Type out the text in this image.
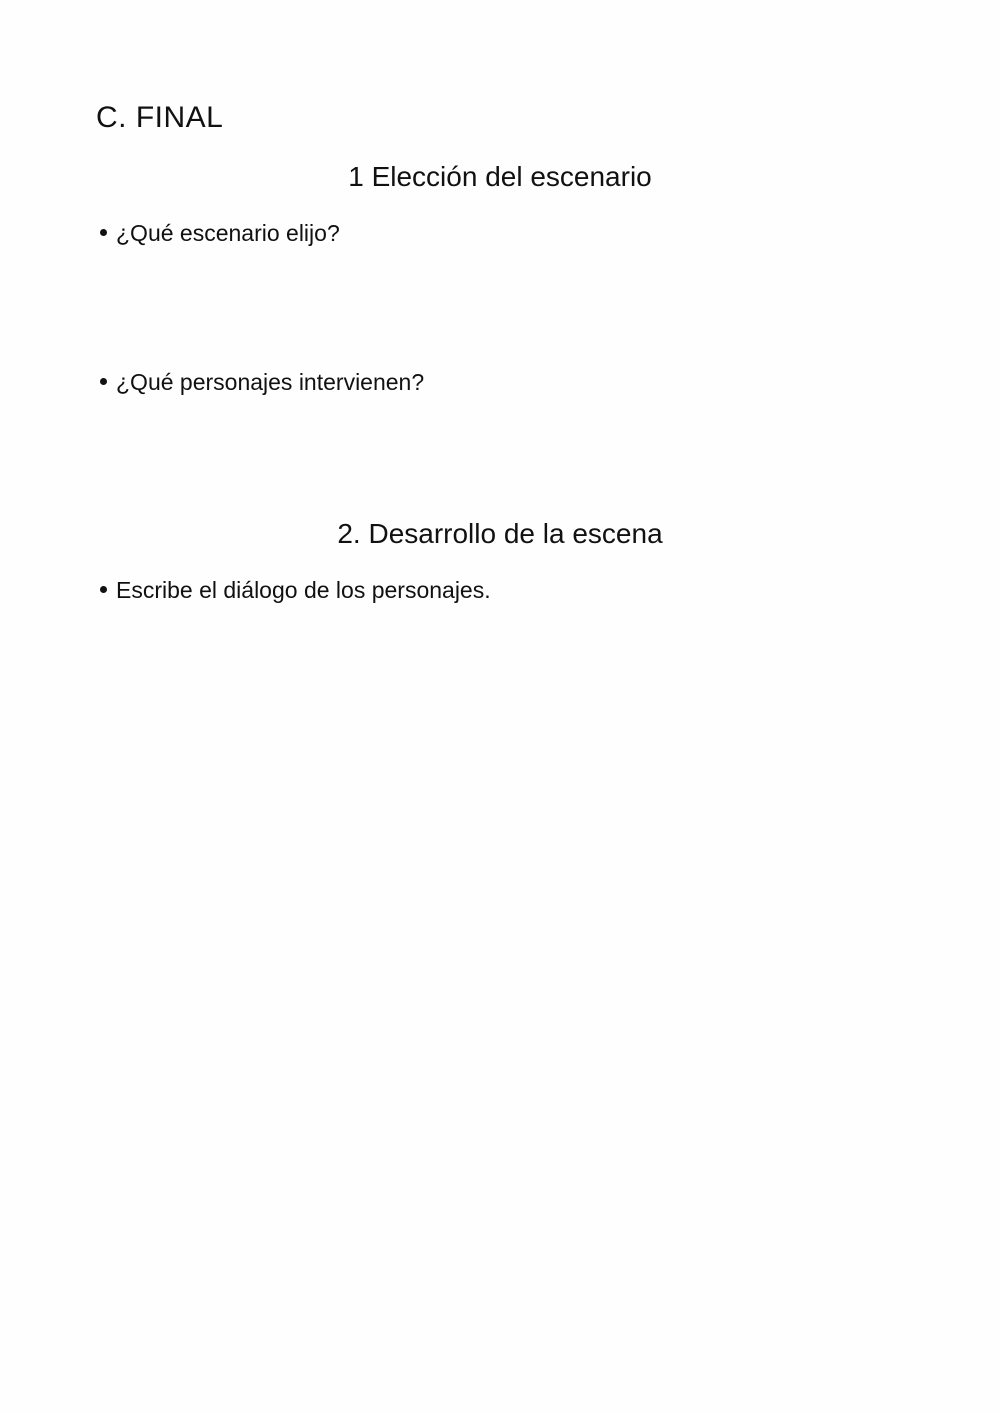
C. FINAL
1 Elección del escenario

¿Qué escenario elijo?

¿Qué personajes intervienen?

2. Desarrollo de la escena

Escribe el diálogo de los personajes.
